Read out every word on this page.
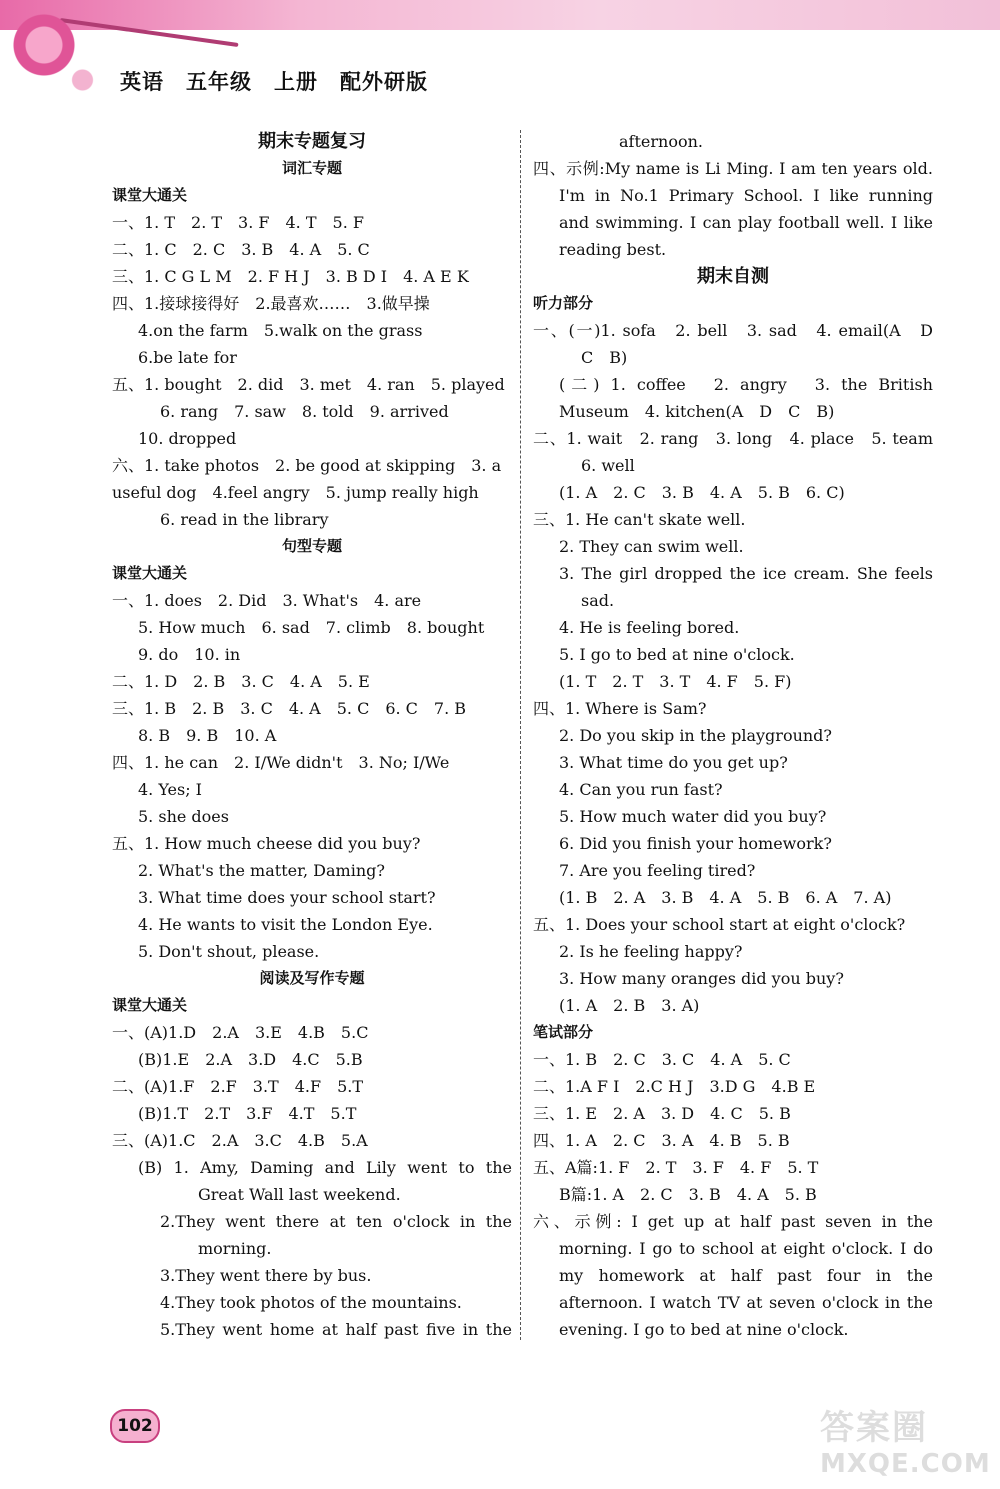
英语　五年级　上册　配外研版
期末专题复习
词汇专题
课堂大通关
一、1. T　2. T　3. F　4. T　5. F
二、1. C　2. C　3. B　4. A　5. C
三、1. C G L M　2. F H J　3. B D I　4. A E K
四、1.接球接得好　2.最喜欢……　3.做早操
4.on the farm　5.walk on the grass
6.be late for
五、1. bought　2. did　3. met　4. ran　5. played
6. rang　7. saw　8. told　9. arrived
10. dropped
六、1. take photos　2. be good at skipping　3. a
useful dog　4.feel angry　5. jump really high
6. read in the library
句型专题
课堂大通关
一、1. does　2. Did　3. What's　4. are
5. How much　6. sad　7. climb　8. bought
9. do　10. in
二、1. D　2. B　3. C　4. A　5. E
三、1. B　2. B　3. C　4. A　5. C　6. C　7. B
8. B　9. B　10. A
四、1. he can　2. I/We didn't　3. No; I/We
4. Yes; I
5. she does
五、1. How much cheese did you buy?
2. What's the matter, Daming?
3. What time does your school start?
4. He wants to visit the London Eye.
5. Don't shout, please.
阅读及写作专题
课堂大通关
一、(A)1.D　2.A　3.E　4.B　5.C
(B)1.E　2.A　3.D　4.C　5.B
二、(A)1.F　2.F　3.T　4.F　5.T
(B)1.T　2.T　3.F　4.T　5.T
三、(A)1.C　2.A　3.C　4.B　5.A
(B) 1. Amy, Daming and Lily went to the
Great Wall last weekend.
2.They went there at ten o'clock in the
morning.
3.They went there by bus.
4.They took photos of the mountains.
5.They went home at half past five in the
afternoon.
四、示例:My name is Li Ming. I am ten years old.
I'm in No.1 Primary School. I like running
and swimming. I can play football well. I like
reading best.
期末自测
听力部分
一、(一)1. sofa　2. bell　3. sad　4. email(A　D
C　B)
(二) 1. coffee　2. angry　3. the British
Museum　4. kitchen(A　D　C　B)
二、1. wait　2. rang　3. long　4. place　5. team
6. well
(1. A　2. C　3. B　4. A　5. B　6. C)
三、1. He can't skate well.
2. They can swim well.
3. The girl dropped the ice cream. She feels
sad.
4. He is feeling bored.
5. I go to bed at nine o'clock.
(1. T　2. T　3. T　4. F　5. F)
四、1. Where is Sam?
2. Do you skip in the playground?
3. What time do you get up?
4. Can you run fast?
5. How much water did you buy?
6. Did you finish your homework?
7. Are you feeling tired?
(1. B　2. A　3. B　4. A　5. B　6. A　7. A)
五、1. Does your school start at eight o'clock?
2. Is he feeling happy?
3. How many oranges did you buy?
(1. A　2. B　3. A)
笔试部分
一、1. B　2. C　3. C　4. A　5. C
二、1.A F I　2.C H J　3.D G　4.B E
三、1. E　2. A　3. D　4. C　5. B
四、1. A　2. C　3. A　4. B　5. B
五、A篇:1. F　2. T　3. F　4. F　5. T
B篇:1. A　2. C　3. B　4. A　5. B
六、示例: I get up at half past seven in the
morning. I go to school at eight o'clock. I do
my homework at half past four in the
afternoon. I watch TV at seven o'clock in the
evening. I go to bed at nine o'clock.
102	答案圈
MXQE.COM
